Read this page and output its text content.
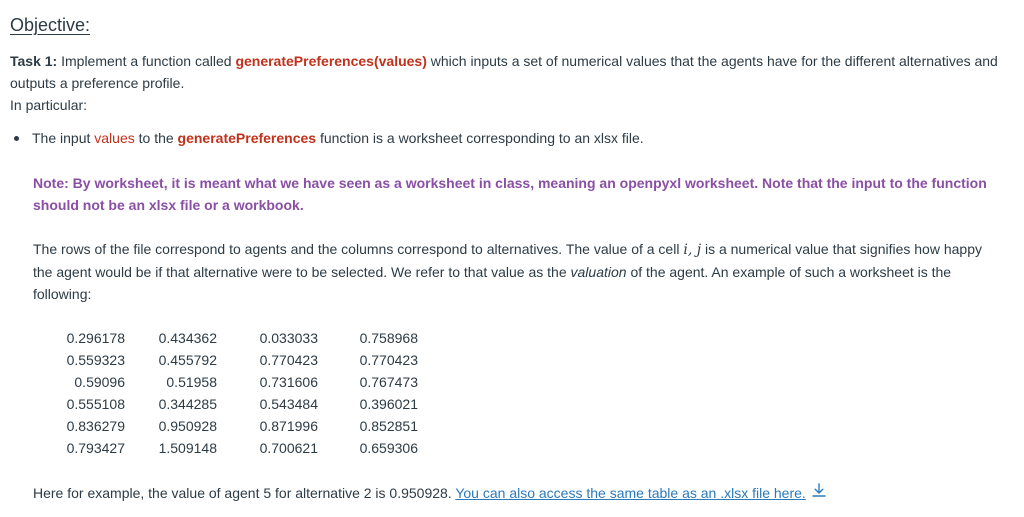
Objective:
Task 1: Implement a function called generatePreferences(values) which inputs a set of numerical values that the agents have for the different alternatives and outputs a preference profile.
In particular:
The input values to the generatePreferences function is a worksheet corresponding to an xlsx file.
Note: By worksheet, it is meant what we have seen as a worksheet in class, meaning an openpyxl worksheet. Note that the input to the function should not be an xlsx file or a workbook.
The rows of the file correspond to agents and the columns correspond to alternatives. The value of a cell i, j is a numerical value that signifies how happy the agent would be if that alternative were to be selected. We refer to that value as the valuation of the agent. An example of such a worksheet is the following:
0.296178	0.434362	0.033033	0.758968
0.559323	0.455792	0.770423	0.770423
0.59096	0.51958	0.731606	0.767473
0.555108	0.344285	0.543484	0.396021
0.836279	0.950928	0.871996	0.852851
0.793427	1.509148	0.700621	0.659306
Here for example, the value of agent 5 for alternative 2 is 0.950928. You can also access the same table as an .xlsx file here.
